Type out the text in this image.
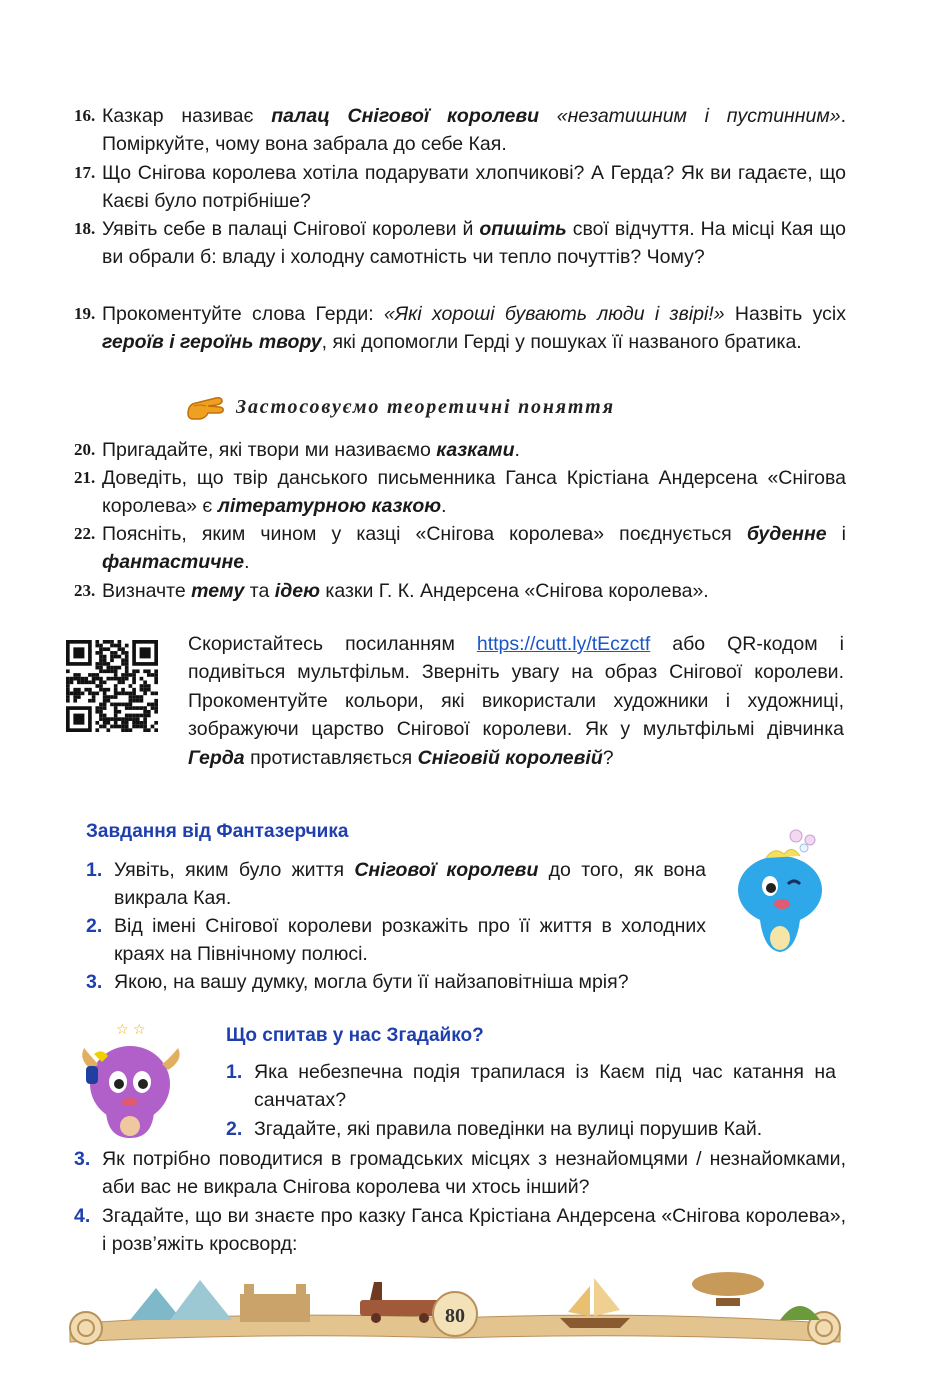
16. Казкар називає палац Снігової королеви «незатишним і пустинним». Поміркуйте, чому вона забрала до себе Кая.
17. Що Снігова королева хотіла подарувати хлопчикові? А Герда? Як ви гадаєте, що Каєві було потрібніше?
18. Уявіть себе в палаці Снігової королеви й опишіть свої відчуття. На місці Кая що ви обрали б: владу і холодну самотність чи тепло почуттів? Чому?
19. Прокоментуйте слова Герди: «Які хороші бувають люди і звірі!» Назвіть усіх героїв і героїнь твору, які допомогли Герді у пошуках її названого братика.
Застосовуємо теоретичні поняття
20. Пригадайте, які твори ми називаємо казками.
21. Доведіть, що твір данського письменника Ганса Крістіана Андерсена «Снігова королева» є літературною казкою.
22. Поясніть, яким чином у казці «Снігова королева» поєднується буденне і фантастичне.
23. Визначте тему та ідею казки Г. К. Андерсена «Снігова королева».
Скористайтесь посиланням https://cutt.ly/tEczctf або QR-кодом і подивіться мультфільм. Зверніть увагу на образ Снігової королеви. Прокоментуйте кольори, які використали художники і художниці, зображуючи царство Снігової королеви. Як у мультфільмі дівчинка Герда протиставляється Сніговій королевій?
Завдання від Фантазерчика
1. Уявіть, яким було життя Снігової королеви до того, як вона викрала Кая.
2. Від імені Снігової королеви розкажіть про її життя в холодних краях на Північному полюсі.
3. Якою, на вашу думку, могла бути її найзаповітніша мрія?
☆ ☆	Що спитав у нас Згадайко?
1. Яка небезпечна подія трапилася із Каєм під час катання на санчатах?
2. Згадайте, які правила поведінки на вулиці порушив Кай.
3. Як потрібно поводитися в громадських місцях з незнайомцями / незнайомками, аби вас не викрала Снігова королева чи хтось інший?
4. Згадайте, що ви знаєте про казку Ганса Крістіана Андерсена «Снігова королева», і розв’яжіть кросворд:
80
